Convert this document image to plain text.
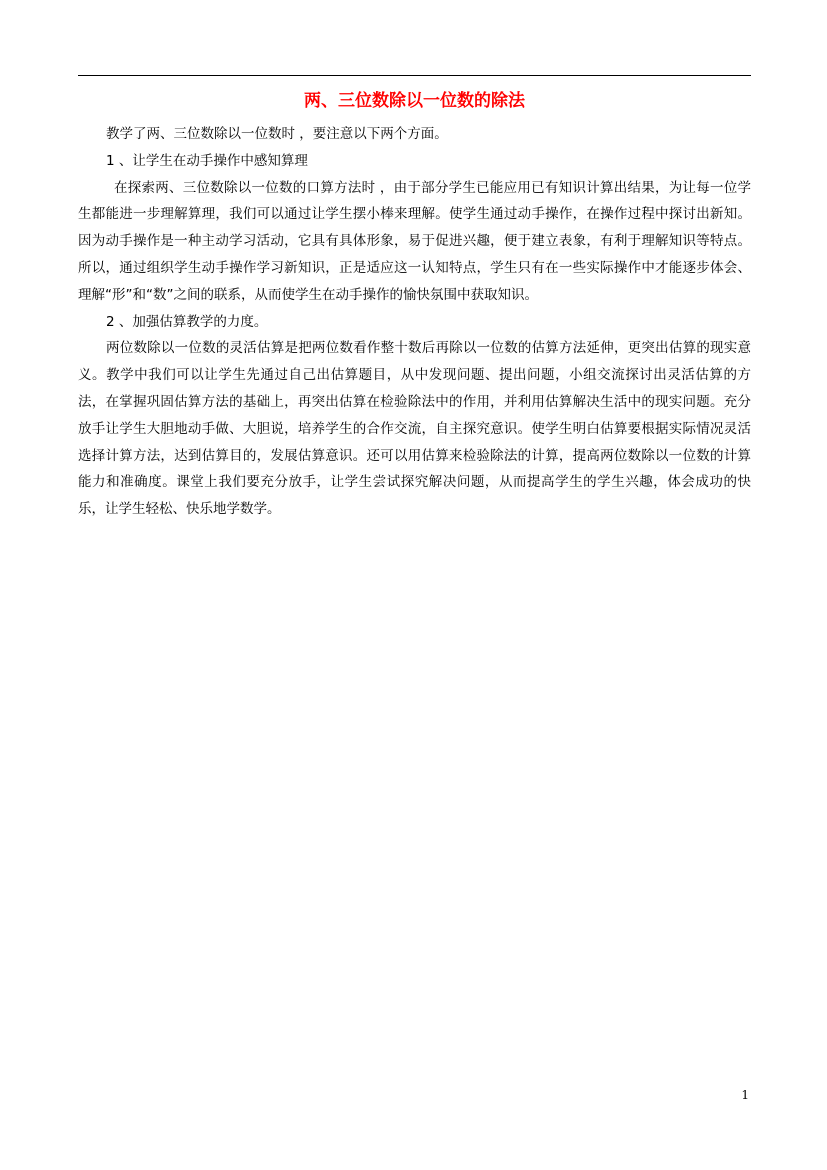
两、三位数除以一位数的除法

教学了两、三位数除以一位数时 ，要注意以下两个方面。

1 、让学生在动手操作中感知算理

在探索两、三位数除以一位数的口算方法时 ，由于部分学生已能应用已有知识计算出结果，为让每一位学生都能进一步理解算理，我们可以通过让学生摆小棒来理解。使学生通过动手操作，在操作过程中探讨出新知。因为动手操作是一种主动学习活动，它具有具体形象，易于促进兴趣，便于建立表象，有利于理解知识等特点。所以，通过组织学生动手操作学习新知识，正是适应这一认知特点，学生只有在一些实际操作中才能逐步体会、理解“形”和“数”之间的联系，从而使学生在动手操作的愉快氛围中获取知识。

2 、加强估算教学的力度。

两位数除以一位数的灵活估算是把两位数看作整十数后再除以一位数的估算方法延伸，更突出估算的现实意义。教学中我们可以让学生先通过自己出估算题目，从中发现问题、提出问题，小组交流探讨出灵活估算的方法，在掌握巩固估算方法的基础上，再突出估算在检验除法中的作用，并利用估算解决生活中的现实问题。充分放手让学生大胆地动手做、大胆说，培养学生的合作交流，自主探究意识。使学生明白估算要根据实际情况灵活选择计算方法，达到估算目的，发展估算意识。还可以用估算来检验除法的计算，提高两位数除以一位数的计算能力和准确度。课堂上我们要充分放手，让学生尝试探究解决问题，从而提高学生的学生兴趣，体会成功的快乐，让学生轻松、快乐地学数学。

1
